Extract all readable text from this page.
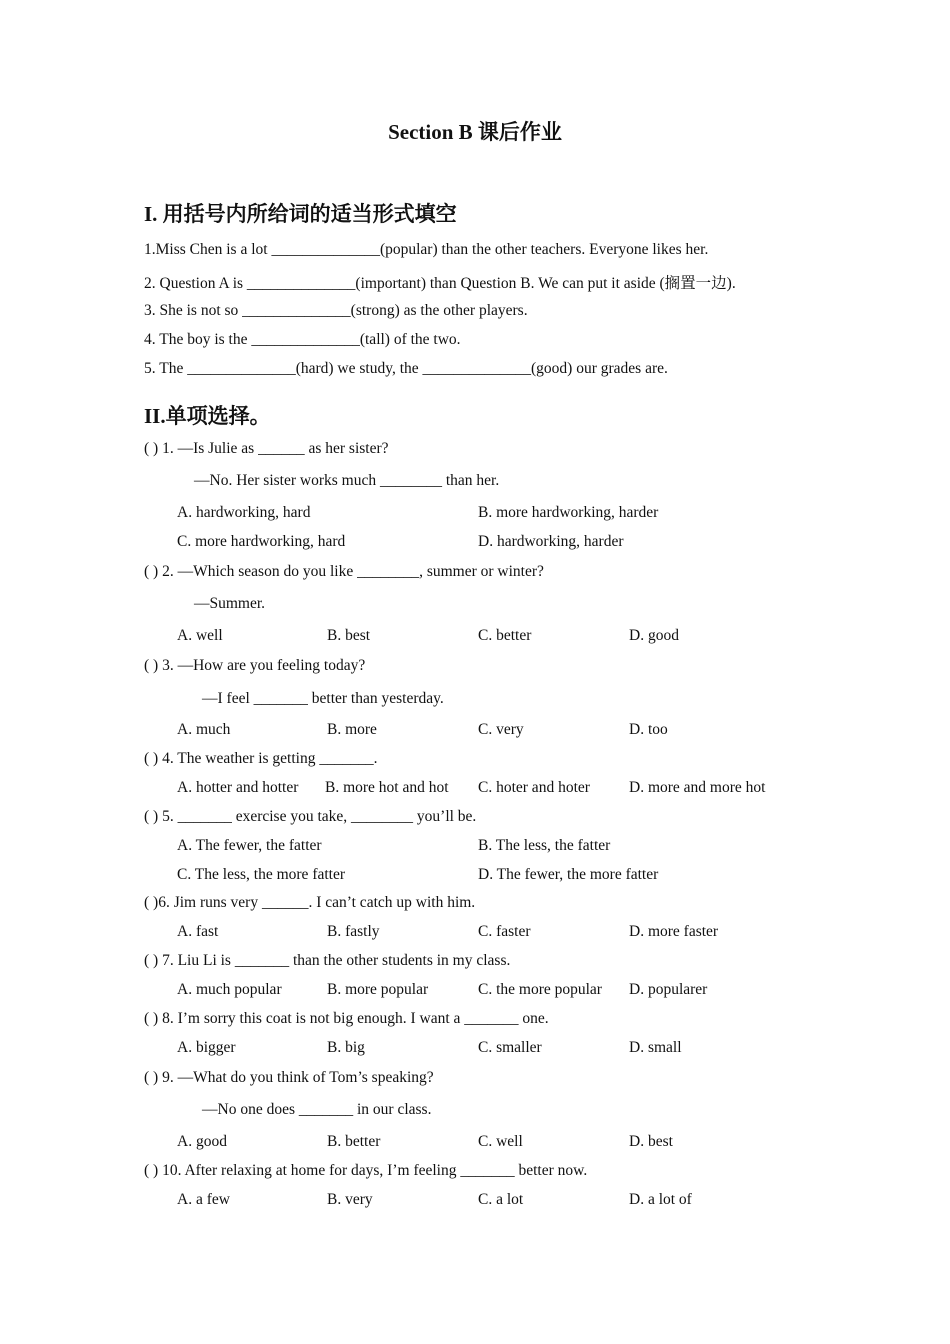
Section B 课后作业
I. 用括号内所给词的适当形式填空
1.Miss Chen is a lot ______________(popular) than the other teachers. Everyone likes her.
2. Question A is ______________(important) than Question B. We can put it aside (搁置一边).
3. She is not so ______________(strong) as the other players.
4. The boy is the ______________(tall) of the two.
5. The ______________(hard) we study, the ______________(good) our grades are.
II.单项选择。
( ) 1. —Is Julie as ______ as her sister?
—No. Her sister works much ________ than her.
A. hardworking, hard	B. more hardworking, harder
C. more hardworking, hard	D. hardworking, harder
( ) 2. —Which season do you like ________, summer or winter?
—Summer.
A. well	B. best	C. better	D. good
( ) 3. —How are you feeling today?
—I feel _______ better than yesterday.
A. much	B. more	C. very	D. too
( ) 4. The weather is getting _______.
A. hotter and hotter B. more hot and hot C. hoter and hoter	D. more and more hot
( ) 5. _______ exercise you take, ________ you’ll be.
A. The fewer, the fatter	B. The less, the fatter
C. The less, the more fatter	D. The fewer, the more fatter
( )6. Jim runs very ______. I can’t catch up with him.
A. fast	B. fastly	C. faster	D. more faster
( ) 7. Liu Li is _______ than the other students in my class.
A. much popular	B. more popular	C. the more popular D. popularer
( ) 8. I’m sorry this coat is not big enough. I want a _______ one.
A. bigger	B. big	C. smaller	D. small
( ) 9. —What do you think of Tom’s speaking?
—No one does _______ in our class.
A. good	B. better	C. well	D. best
( ) 10. After relaxing at home for days, I’m feeling _______ better now.
A. a few	B. very	C. a lot	D. a lot of
